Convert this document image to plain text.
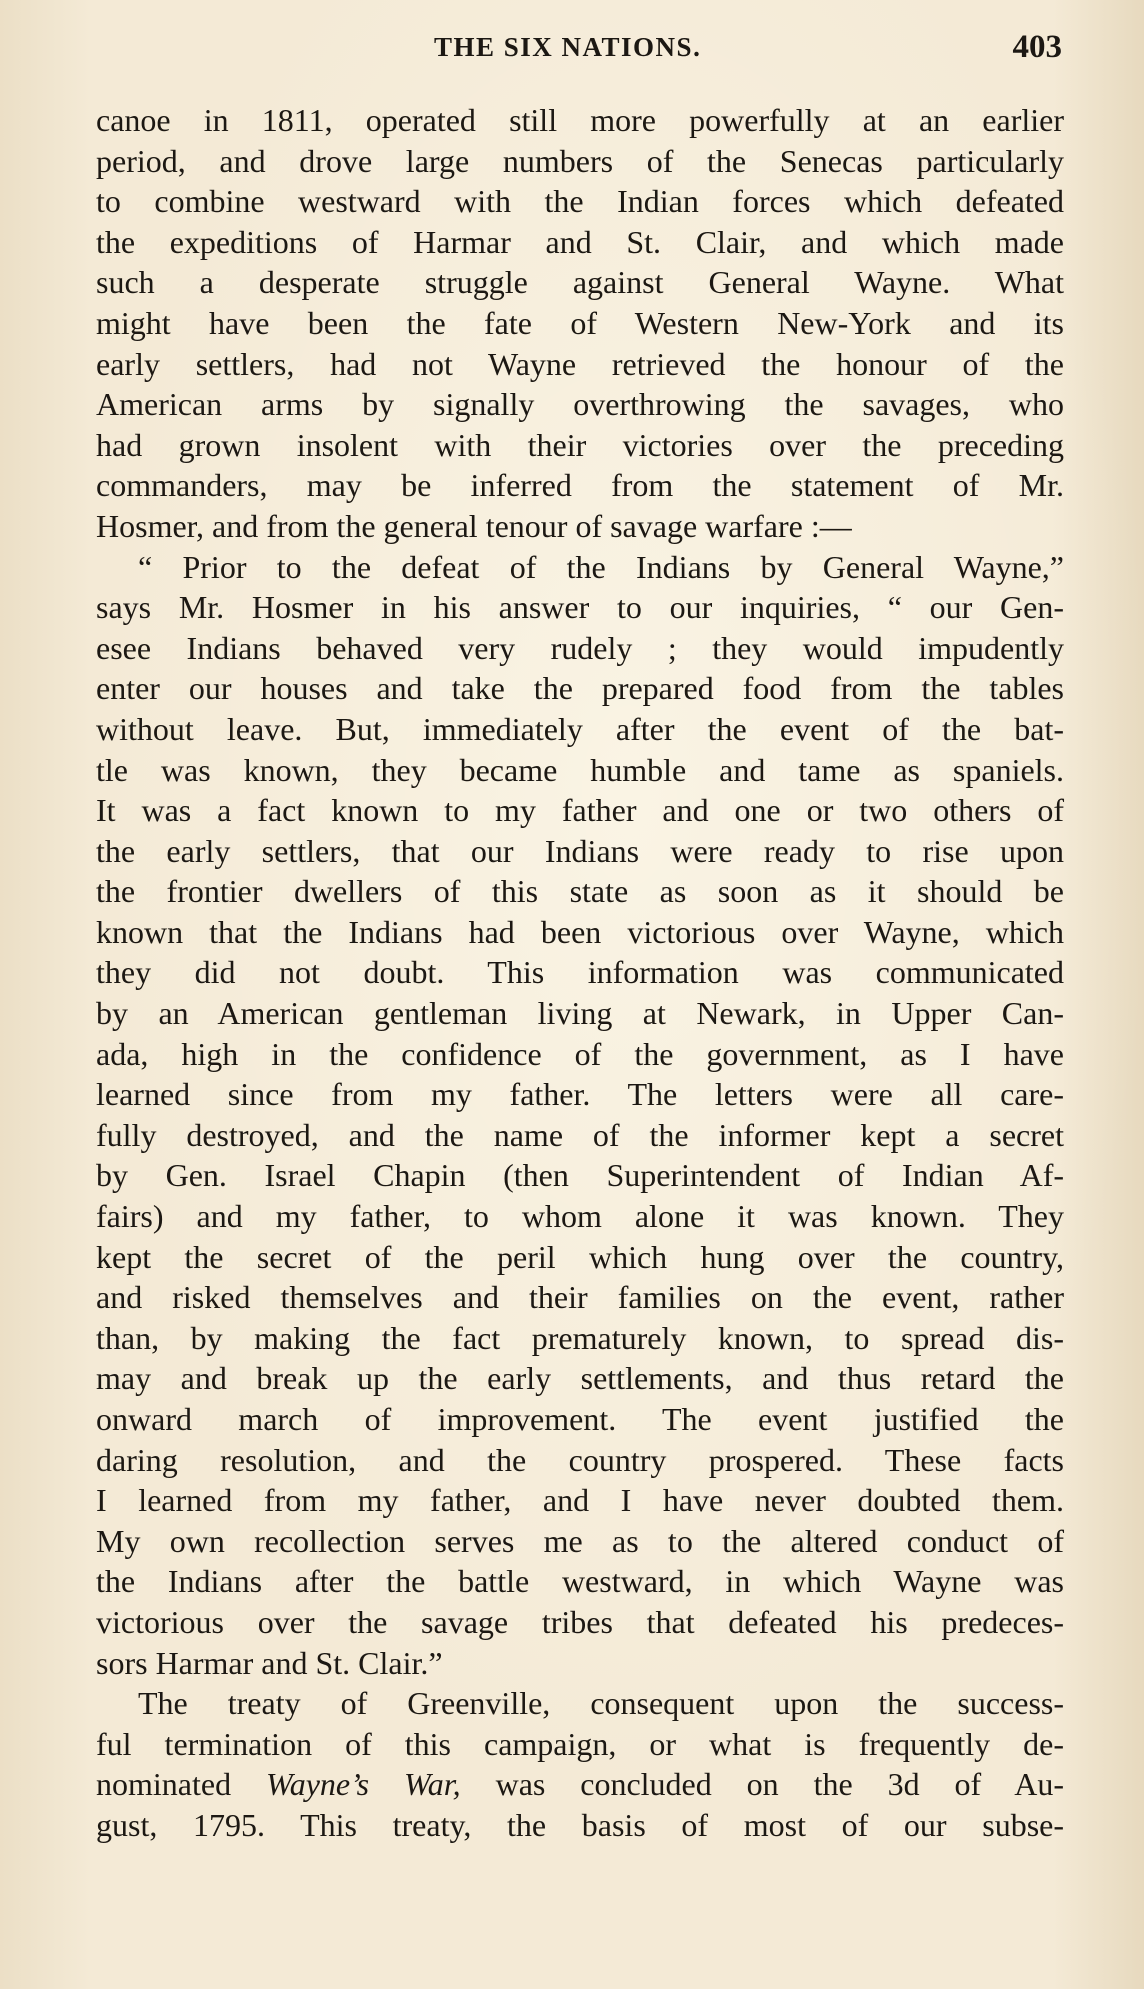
THE SIX NATIONS.	403
canoe in 1811, operated still more powerfully at an earlier
period, and drove large numbers of the Senecas particularly
to combine westward with the Indian forces which defeated
the expeditions of Harmar and St. Clair, and which made
such a desperate struggle against General Wayne. What
might have been the fate of Western New-York and its
early settlers, had not Wayne retrieved the honour of the
American arms by signally overthrowing the savages, who
had grown insolent with their victories over the preceding
commanders, may be inferred from the statement of Mr.
Hosmer, and from the general tenour of savage warfare :—
“ Prior to the defeat of the Indians by General Wayne,”
says Mr. Hosmer in his answer to our inquiries, “ our Gen-
esee Indians behaved very rudely ; they would impudently
enter our houses and take the prepared food from the tables
without leave. But, immediately after the event of the bat-
tle was known, they became humble and tame as spaniels.
It was a fact known to my father and one or two others of
the early settlers, that our Indians were ready to rise upon
the frontier dwellers of this state as soon as it should be
known that the Indians had been victorious over Wayne, which
they did not doubt. This information was communicated
by an American gentleman living at Newark, in Upper Can-
ada, high in the confidence of the government, as I have
learned since from my father. The letters were all care-
fully destroyed, and the name of the informer kept a secret
by Gen. Israel Chapin (then Superintendent of Indian Af-
fairs) and my father, to whom alone it was known. They
kept the secret of the peril which hung over the country,
and risked themselves and their families on the event, rather
than, by making the fact prematurely known, to spread dis-
may and break up the early settlements, and thus retard the
onward march of improvement. The event justified the
daring resolution, and the country prospered. These facts
I learned from my father, and I have never doubted them.
My own recollection serves me as to the altered conduct of
the Indians after the battle westward, in which Wayne was
victorious over the savage tribes that defeated his predeces-
sors Harmar and St. Clair.”
The treaty of Greenville, consequent upon the success-
ful termination of this campaign, or what is frequently de-
nominated Wayne’s War, was concluded on the 3d of Au-
gust, 1795. This treaty, the basis of most of our subse-
